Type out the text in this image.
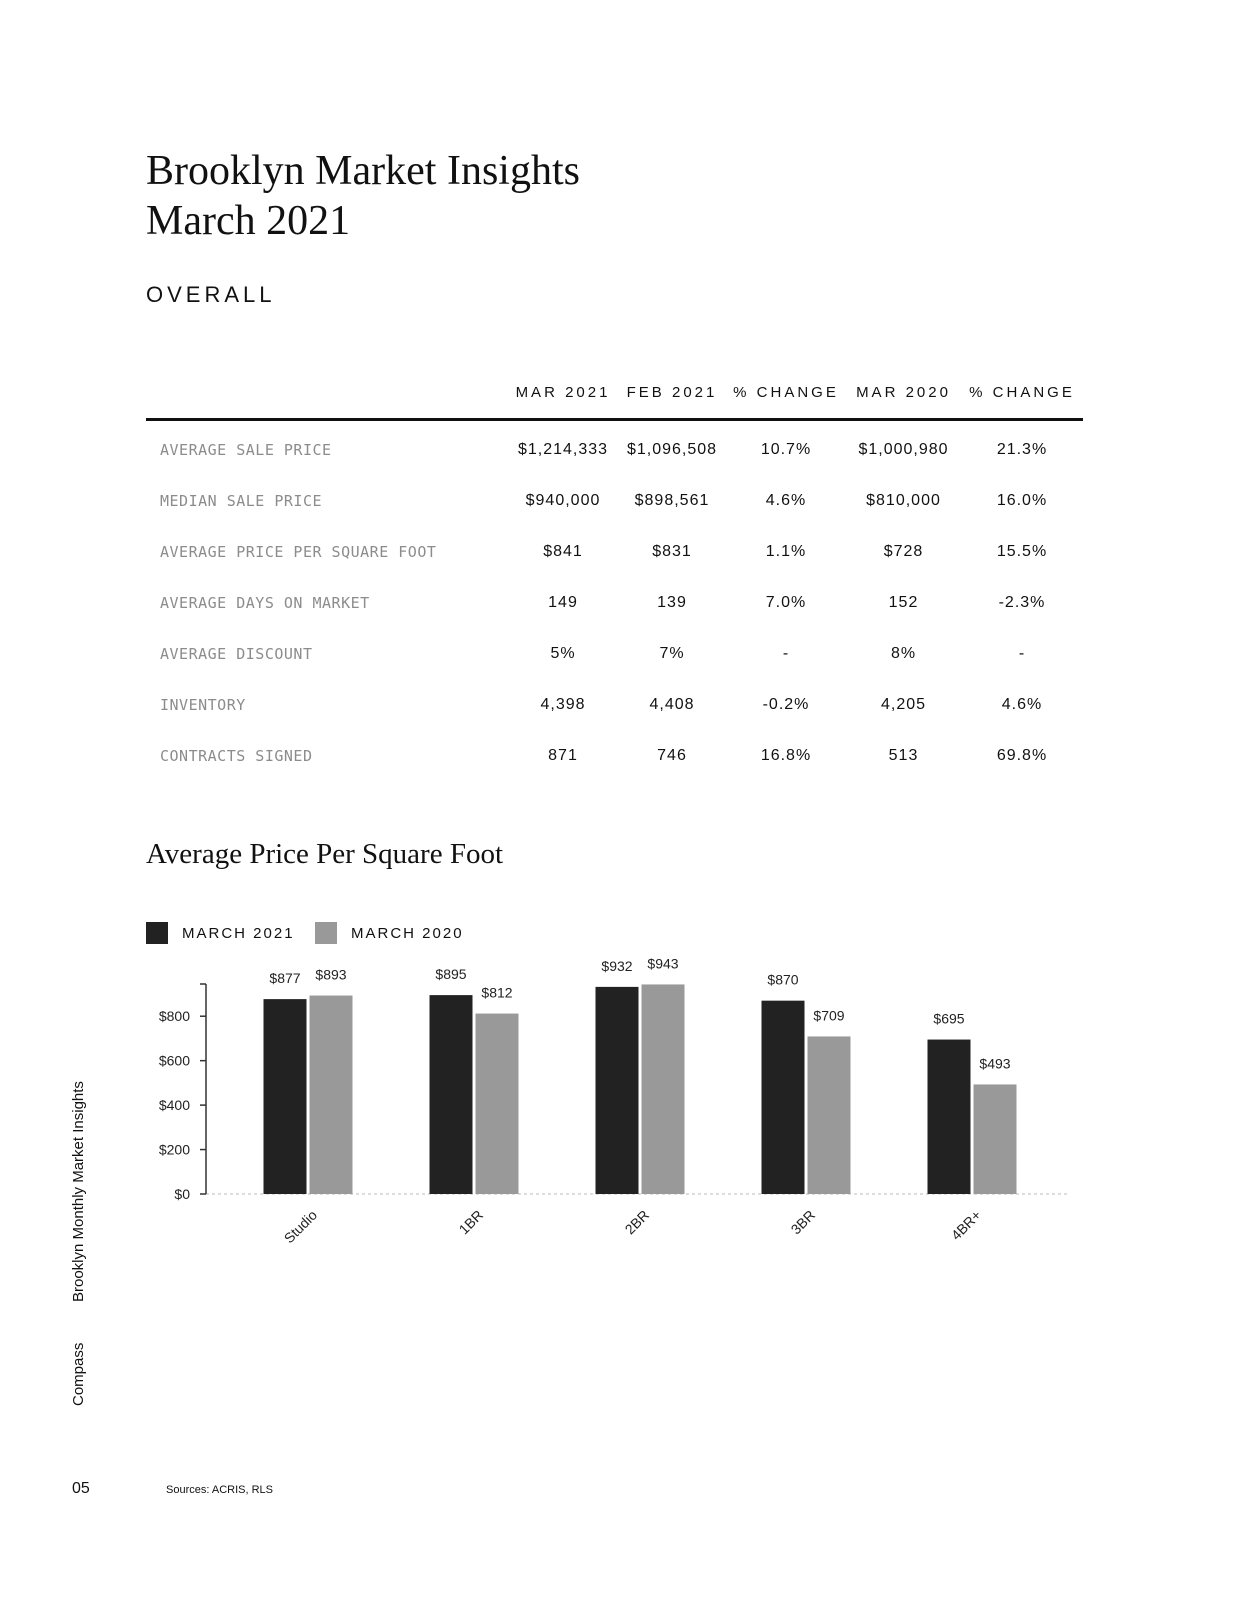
Brooklyn Market Insights
March 2021
OVERALL
	MAR 2021	FEB 2021	% CHANGE	MAR 2020	% CHANGE
AVERAGE SALE PRICE	$1,214,333	$1,096,508	10.7%	$1,000,980	21.3%
MEDIAN SALE PRICE	$940,000	$898,561	4.6%	$810,000	16.0%
AVERAGE PRICE PER SQUARE FOOT	$841	$831	1.1%	$728	15.5%
AVERAGE DAYS ON MARKET	149	139	7.0%	152	-2.3%
AVERAGE DISCOUNT	5%	7%	-	8%	-
INVENTORY	4,398	4,408	-0.2%	4,205	4.6%
CONTRACTS SIGNED	871	746	16.8%	513	69.8%
Average Price Per Square Foot
MARCH 2021	MARCH 2020
$0
$200
$400
$600
$800
$877 $893
Studio
$895
$812
1BR
$932 $943
2BR
$870
$709
3BR
$695
$493
4BR+
Brooklyn Monthly Market Insights
Compass
05	Sources: ACRIS, RLS
